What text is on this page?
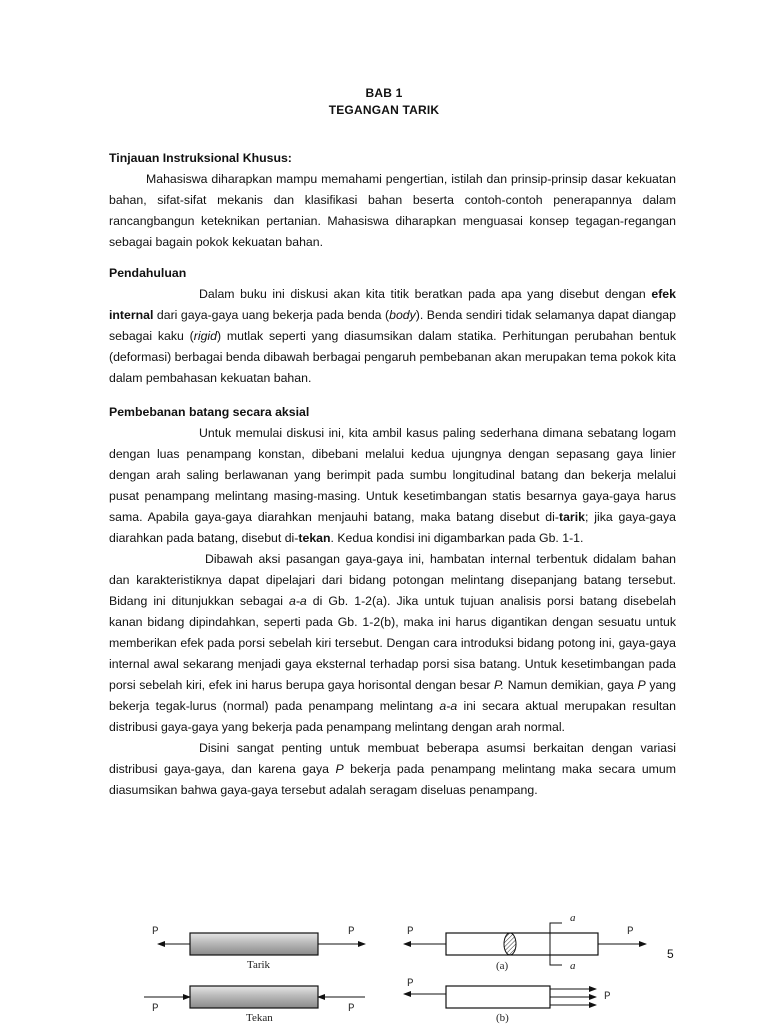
BAB 1
TEGANGAN TARIK

Tinjauan Instruksional Khusus:

Mahasiswa diharapkan mampu memahami pengertian, istilah dan prinsip-prinsip dasar kekuatan bahan, sifat-sifat mekanis dan klasifikasi bahan beserta contoh-contoh penerapannya dalam rancangbangun keteknikan pertanian. Mahasiswa diharapkan menguasai konsep tegagan-regangan sebagai bagain pokok kekuatan bahan.

Pendahuluan

Dalam buku ini diskusi akan kita titik beratkan pada apa yang disebut dengan efek internal dari gaya-gaya uang bekerja pada benda (body). Benda sendiri tidak selamanya dapat diangap sebagai kaku (rigid) mutlak seperti yang diasumsikan dalam statika. Perhitungan perubahan bentuk (deformasi) berbagai benda dibawah berbagai pengaruh pembebanan akan merupakan tema pokok kita dalam pembahasan kekuatan bahan.

Pembebanan batang secara aksial

Untuk memulai diskusi ini, kita ambil kasus paling sederhana dimana sebatang logam dengan luas penampang konstan, dibebani melalui kedua ujungnya dengan sepasang gaya linier dengan arah saling berlawanan yang berimpit pada sumbu longitudinal batang dan bekerja melalui pusat penampang melintang masing-masing. Untuk kesetimbangan statis besarnya gaya-gaya harus sama. Apabila gaya-gaya diarahkan menjauhi batang, maka batang disebut di-tarik; jika gaya-gaya diarahkan pada batang, disebut di-tekan. Kedua kondisi ini digambarkan pada Gb. 1-1.

Dibawah aksi pasangan gaya-gaya ini, hambatan internal terbentuk didalam bahan dan karakteristiknya dapat dipelajari dari bidang potongan melintang disepanjang batang tersebut. Bidang ini ditunjukkan sebagai a-a di Gb. 1-2(a). Jika untuk tujuan analisis porsi batang disebelah kanan bidang dipindahkan, seperti pada Gb. 1-2(b), maka ini harus digantikan dengan sesuatu untuk memberikan efek pada porsi sebelah kiri tersebut. Dengan cara introduksi bidang potong ini, gaya-gaya internal awal sekarang menjadi gaya eksternal terhadap porsi sisa batang. Untuk kesetimbangan pada porsi sebelah kiri, efek ini harus berupa gaya horisontal dengan besar P. Namun demikian, gaya P yang bekerja tegak-lurus (normal) pada penampang melintang a-a ini secara aktual merupakan resultan distribusi gaya-gaya yang bekerja pada penampang melintang dengan arah normal.

Disini sangat penting untuk membuat beberapa asumsi berkaitan dengan variasi distribusi gaya-gaya, dan karena gaya P bekerja pada penampang melintang maka secara umum diasumsikan bahwa gaya-gaya tersebut adalah seragam diseluas penampang.

P	P
Tarik
P	P
Tekan
P	P
a
a
(a)
P
P
(b)
5
